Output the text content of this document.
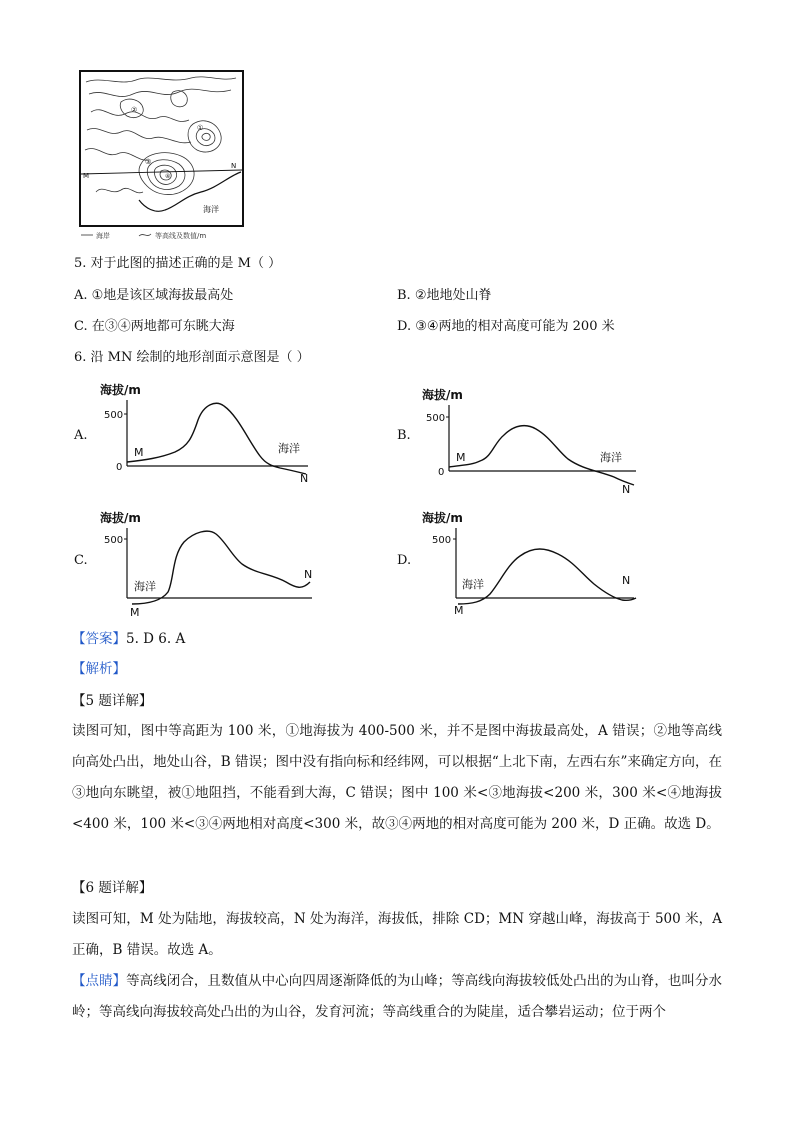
M
N
海洋
①
②
③
④
海岸	等高线及数值/m
5. 对于此图的描述正确的是 M（ ）
A. ①地是该区域海拔最高处	B. ②地地处山脊
C. 在③④两地都可东眺大海	D. ③④两地的相对高度可能为 200 米
6. 沿 MN 绘制的地形剖面示意图是（ ）
A.
海拔/m
500
0
M
N
海洋
B.
海拔/m
500
0
M
N
海洋
C.
海拔/m
500
M
N
海洋
D.
海拔/m
500
M
N
海洋
【答案】5. D 6. A
【解析】
【5 题详解】

读图可知，图中等高距为 100 米，①地海拔为 400-500 米，并不是图中海拔最高处，A 错误；②地等高线向高处凸出，地处山谷，B 错误；图中没有指向标和经纬网，可以根据“上北下南，左西右东”来确定方向，在③地向东眺望，被①地阻挡，不能看到大海，C 错误；图中 100 米<③地海拔<200 米，300 米<④地海拔<400 米，100 米<③④两地相对高度<300 米，故③④两地的相对高度可能为 200 米，D 正确。故选 D。

【6 题详解】

读图可知，M 处为陆地，海拔较高，N 处为海洋，海拔低，排除 CD；MN 穿越山峰，海拔高于 500 米，A 正确，B 错误。故选 A。

【点睛】等高线闭合，且数值从中心向四周逐渐降低的为山峰；等高线向海拔较低处凸出的为山脊，也叫分水岭；等高线向海拔较高处凸出的为山谷，发育河流；等高线重合的为陡崖，适合攀岩运动；位于两个
